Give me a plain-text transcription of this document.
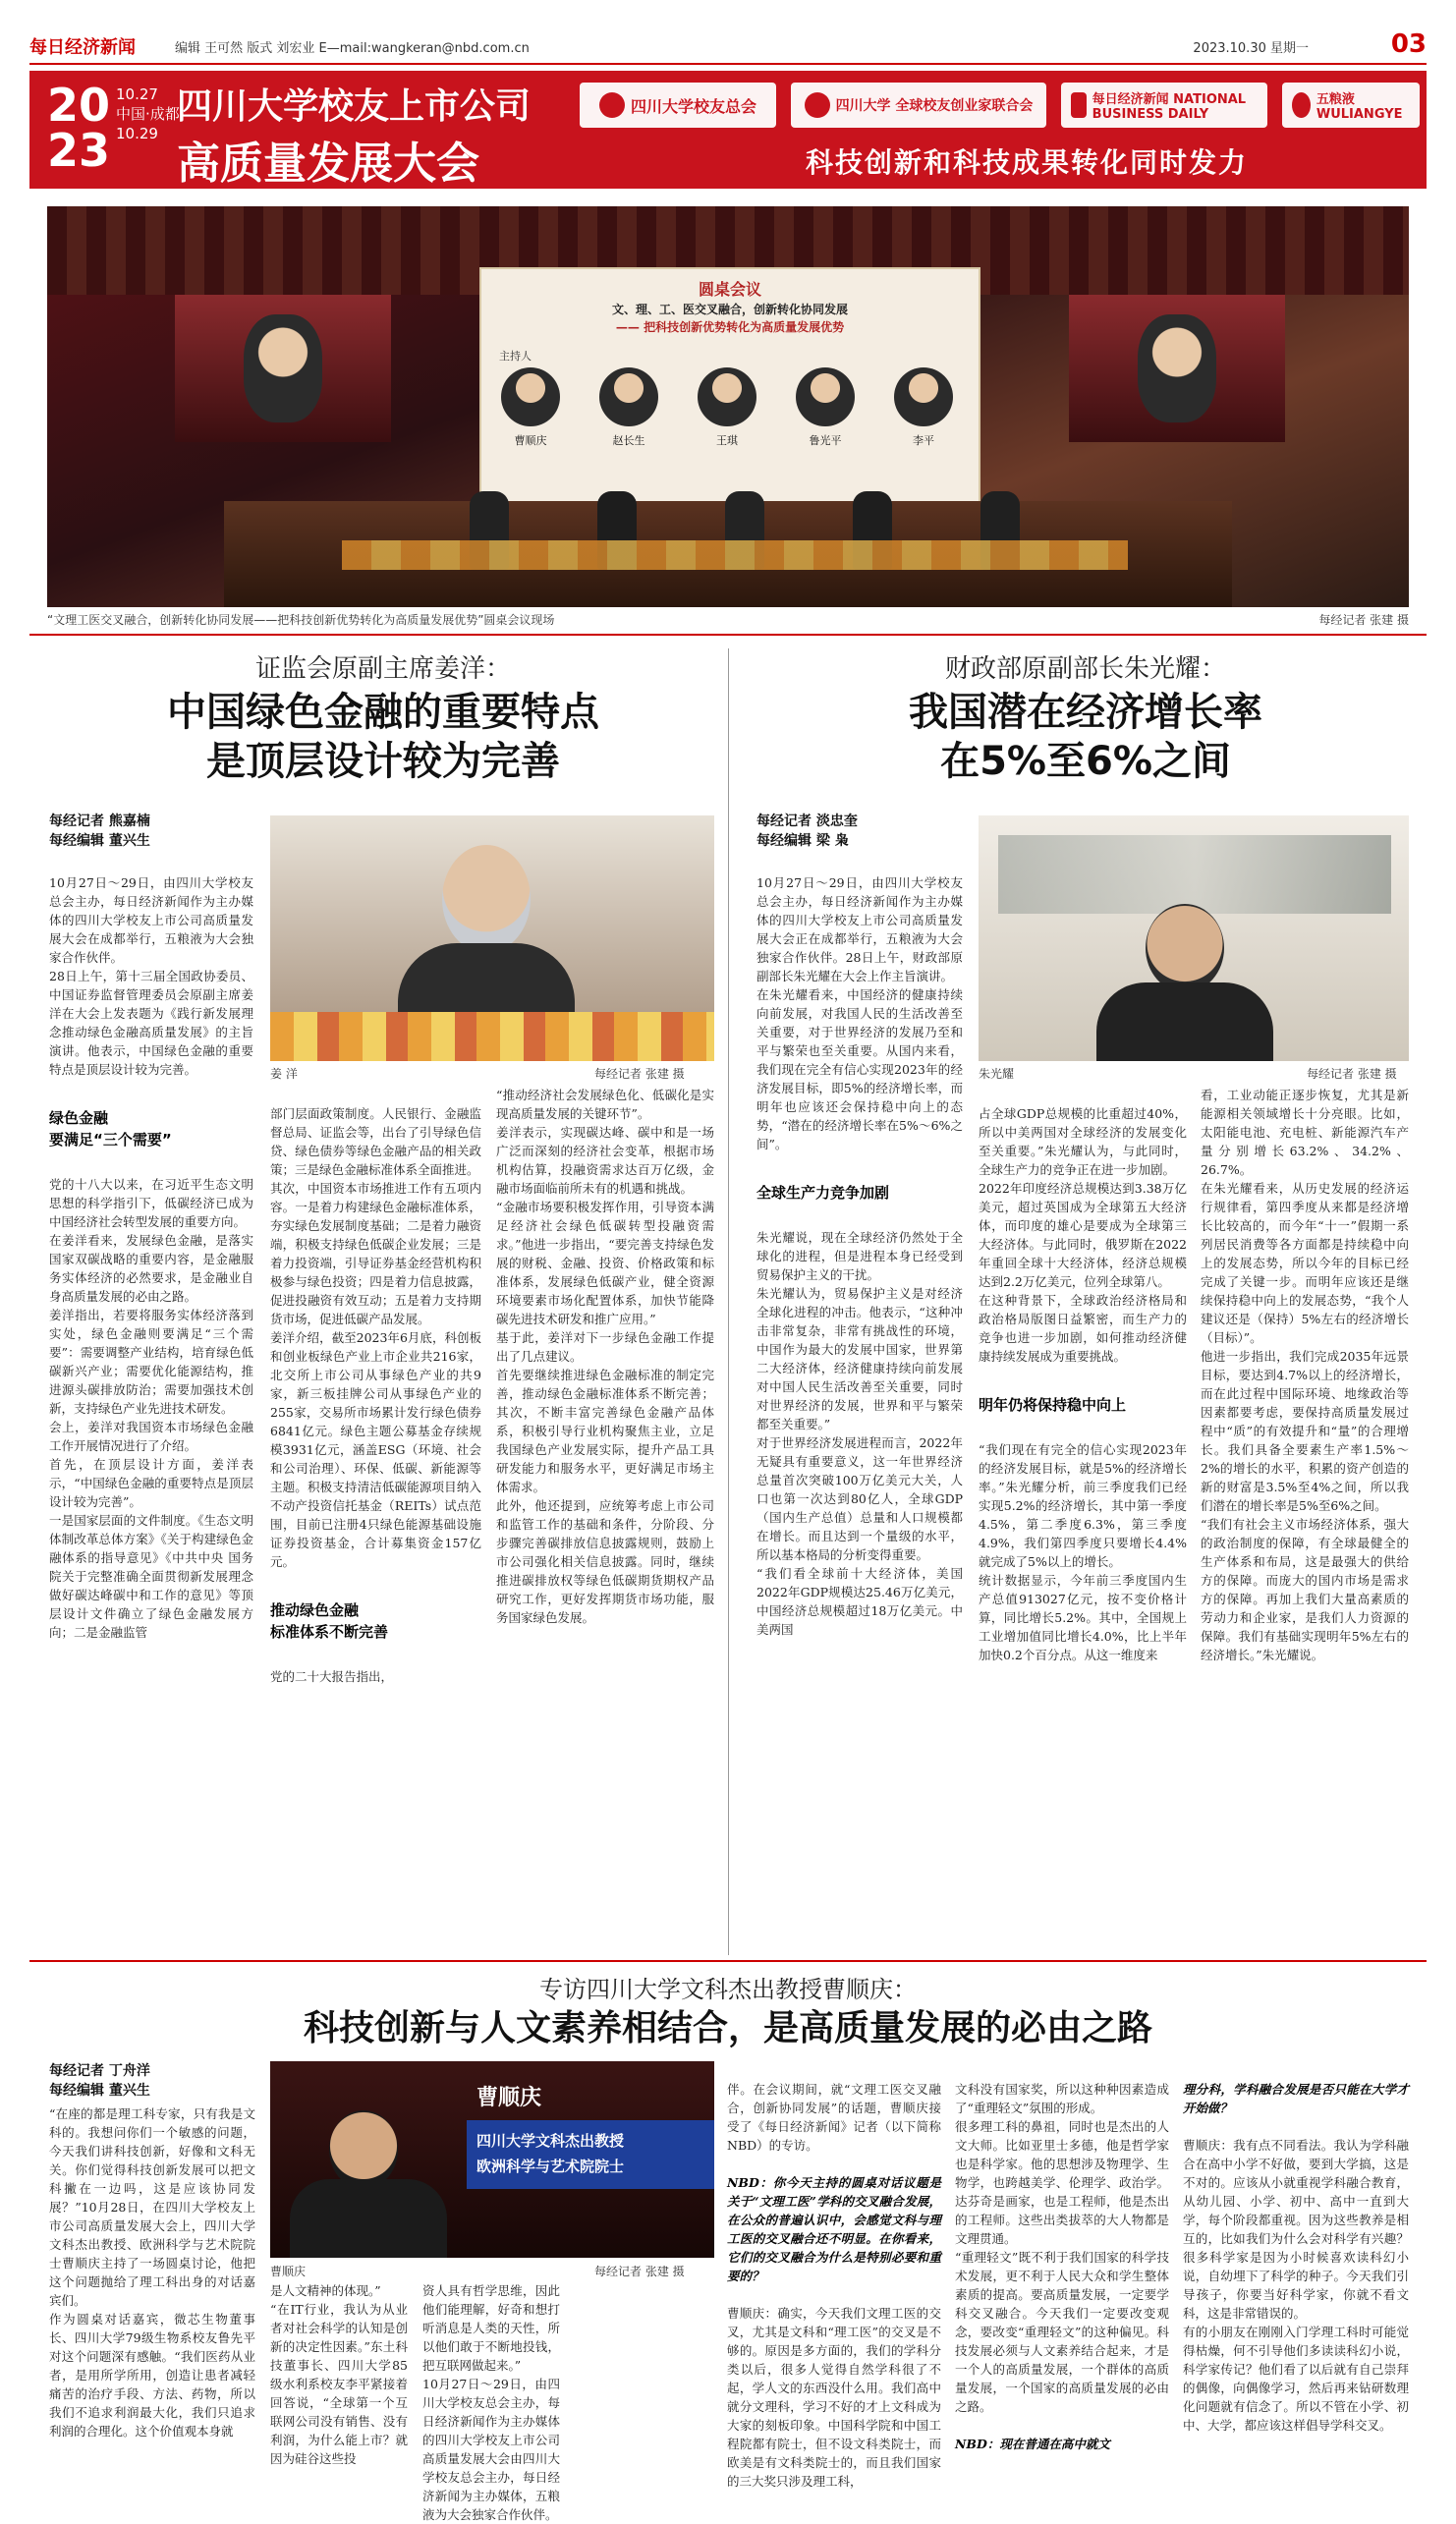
每日经济新闻	编辑 王可然 版式 刘宏业 E—mail:wangkeran@nbd.com.cn	2023.10.30 星期一	03
20
23
10.27
中国·成都
10.29
四川大学校友上市公司
高质量发展大会
四川大学校友总会	四川大学 全球校友创业家联合会	每日经济新闻 NATIONAL BUSINESS DAILY
五粮液 WULIANGYE
科技创新和科技成果转化同时发力
圆桌会议
文、理、工、医交叉融合，创新转化协同发展
—— 把科技创新优势转化为高质量发展优势
主持人
曹顺庆	赵长生	王琪	鲁光平	李平
“文理工医交叉融合，创新转化协同发展——把科技创新优势转化为高质量发展优势”圆桌会议现场	每经记者 张建 摄
证监会原副主席姜洋：
中国绿色金融的重要特点
是顶层设计较为完善
每经记者 熊嘉楠
每经编辑 董兴生

10月27日～29日，由四川大学校友总会主办，每日经济新闻作为主办媒体的四川大学校友上市公司高质量发展大会在成都举行，五粮液为大会独家合作伙伴。
28日上午，第十三届全国政协委员、中国证券监督管理委员会原副主席姜洋在大会上发表题为《践行新发展理念推动绿色金融高质量发展》的主旨演讲。他表示，中国绿色金融的重要特点是顶层设计较为完善。

绿色金融
要满足“三个需要”

党的十八大以来，在习近平生态文明思想的科学指引下，低碳经济已成为中国经济社会转型发展的重要方向。
在姜洋看来，发展绿色金融，是落实国家双碳战略的重要内容，是金融服务实体经济的必然要求，是金融业自身高质量发展的必由之路。
姜洋指出，若要将服务实体经济落到实处，绿色金融则要满足“三个需要”：需要调整产业结构，培育绿色低碳新兴产业；需要优化能源结构，推进源头碳排放防治；需要加强技术创新，支持绿色产业先进技术研发。
会上，姜洋对我国资本市场绿色金融工作开展情况进行了介绍。
首先，在顶层设计方面，姜洋表示，“中国绿色金融的重要特点是顶层设计较为完善”。
一是国家层面的文件制度。《生态文明体制改革总体方案》《关于构建绿色金融体系的指导意见》《中共中央 国务院关于完整准确全面贯彻新发展理念 做好碳达峰碳中和工作的意见》等顶层设计文件确立了绿色金融发展方向；二是金融监管

姜 洋	每经记者 张建 摄

部门层面政策制度。人民银行、金融监督总局、证监会等，出台了引导绿色信贷、绿色债券等绿色金融产品的相关政策；三是绿色金融标准体系全面推进。
其次，中国资本市场推进工作有五项内容。一是着力构建绿色金融标准体系，夯实绿色发展制度基础；二是着力融资端，积极支持绿色低碳企业发展；三是着力投资端，引导证券基金经营机构积极参与绿色投资；四是着力信息披露，促进投融资有效互动；五是着力支持期货市场，促进低碳产品发展。
姜洋介绍，截至2023年6月底，科创板和创业板绿色产业上市企业共216家，北交所上市公司从事绿色产业的共9家，新三板挂牌公司从事绿色产业的255家，交易所市场累计发行绿色债券6841亿元。绿色主题公募基金存续规模3931亿元，涵盖ESG（环境、社会和公司治理）、环保、低碳、新能源等主题。积极支持清洁低碳能源项目纳入不动产投资信托基金（REITs）试点范围，目前已注册4只绿色能源基础设施证券投资基金，合计募集资金157亿元。

推动绿色金融
标准体系不断完善

党的二十大报告指出，

“推动经济社会发展绿色化、低碳化是实现高质量发展的关键环节”。
姜洋表示，实现碳达峰、碳中和是一场广泛而深刻的经济社会变革，根据市场机构估算，投融资需求达百万亿级，金融市场面临前所未有的机遇和挑战。
“金融市场要积极发挥作用，引导资本满足经济社会绿色低碳转型投融资需求。”他进一步指出，“要完善支持绿色发展的财税、金融、投资、价格政策和标准体系，发展绿色低碳产业，健全资源环境要素市场化配置体系，加快节能降碳先进技术研发和推广应用。”
基于此，姜洋对下一步绿色金融工作提出了几点建议。
首先要继续推进绿色金融标准的制定完善，推动绿色金融标准体系不断完善；其次，不断丰富完善绿色金融产品体系，积极引导行业机构聚焦主业，立足我国绿色产业发展实际，提升产品工具研发能力和服务水平，更好满足市场主体需求。
此外，他还提到，应统筹考虑上市公司和监管工作的基础和条件，分阶段、分步骤完善碳排放信息披露规则，鼓励上市公司强化相关信息披露。同时，继续推进碳排放权等绿色低碳期货期权产品研究工作，更好发挥期货市场功能，服务国家绿色发展。
财政部原副部长朱光耀：
我国潜在经济增长率
在5%至6%之间
每经记者 淡忠奎
每经编辑 梁 枭

10月27日～29日，由四川大学校友总会主办，每日经济新闻作为主办媒体的四川大学校友上市公司高质量发展大会正在成都举行，五粮液为大会独家合作伙伴。28日上午，财政部原副部长朱光耀在大会上作主旨演讲。
在朱光耀看来，中国经济的健康持续向前发展，对我国人民的生活改善至关重要，对于世界经济的发展乃至和平与繁荣也至关重要。从国内来看，我们现在完全有信心实现2023年的经济发展目标，即5%的经济增长率，而明年也应该还会保持稳中向上的态势，“潜在的经济增长率在5%～6%之间”。

全球生产力竞争加剧

朱光耀说，现在全球经济仍然处于全球化的进程，但是进程本身已经受到贸易保护主义的干扰。
朱光耀认为，贸易保护主义是对经济全球化进程的冲击。他表示，“这种冲击非常复杂，非常有挑战性的环境，中国作为最大的发展中国家，世界第二大经济体，经济健康持续向前发展对中国人民生活改善至关重要，同时对世界经济的发展，世界和平与繁荣都至关重要。”
对于世界经济发展进程而言，2022年无疑具有重要意义，这一年世界经济总量首次突破100万亿美元大关，人口也第一次达到80亿人，全球GDP（国内生产总值）总量和人口规模都在增长。而且达到一个量级的水平，所以基本格局的分析变得重要。
“我们看全球前十大经济体，美国2022年GDP规模达25.46万亿美元，中国经济总规模超过18万亿美元。中美两国

朱光耀	每经记者 张建 摄

占全球GDP总规模的比重超过40%，所以中美两国对全球经济的发展变化至关重要。”朱光耀认为，与此同时，全球生产力的竞争正在进一步加剧。
2022年印度经济总规模达到3.38万亿美元，超过英国成为全球第五大经济体，而印度的雄心是要成为全球第三大经济体。与此同时，俄罗斯在2022年重回全球十大经济体，经济总规模达到2.2万亿美元，位列全球第八。
在这种背景下，全球政治经济格局和政治格局版图日益繁密，而生产力的竞争也进一步加剧，如何推动经济健康持续发展成为重要挑战。

明年仍将保持稳中向上

“我们现在有完全的信心实现2023年的经济发展目标，就是5%的经济增长率。”朱光耀分析，前三季度我们已经实现5.2%的经济增长，其中第一季度4.5%，第二季度6.3%，第三季度4.9%，我们第四季度只要增长4.4%就完成了5%以上的增长。
统计数据显示，今年前三季度国内生产总值913027亿元，按不变价格计算，同比增长5.2%。其中，全国规上工业增加值同比增长4.0%，比上半年加快0.2个百分点。从这一维度来

看，工业动能正逐步恢复，尤其是新能源相关领域增长十分亮眼。比如，太阳能电池、充电桩、新能源汽车产量分别增长63.2%、34.2%、26.7%。
在朱光耀看来，从历史发展的经济运行规律看，第四季度从来都是经济增长比较高的，而今年“十一”假期一系列居民消费等各方面都是持续稳中向上的发展态势，所以今年的目标已经完成了关键一步。而明年应该还是继续保持稳中向上的发展态势，“我个人建议还是（保持）5%左右的经济增长（目标）”。
他进一步指出，我们完成2035年远景目标，要达到4.7%以上的经济增长，而在此过程中国际环境、地缘政治等因素都要考虑，要保持高质量发展过程中“质”的有效提升和“量”的合理增长。我们具备全要素生产率1.5%～2%的增长的水平，积累的资产创造的新的财富是3.5%至4%之间，所以我们潜在的增长率是5%至6%之间。
“我们有社会主义市场经济体系，强大的政治制度的保障，有全球最健全的生产体系和布局，这是最强大的供给方的保障。而庞大的国内市场是需求方的保障。再加上我们大量高素质的劳动力和企业家，是我们人力资源的保障。我们有基础实现明年5%左右的经济增长。”朱光耀说。
专访四川大学文科杰出教授曹顺庆：
科技创新与人文素养相结合，是高质量发展的必由之路
每经记者 丁舟洋
每经编辑 董兴生
“在座的都是理工科专家，只有我是文科的。我想问你们一个敏感的问题，今天我们讲科技创新，好像和文科无关。你们觉得科技创新发展可以把文科撇在一边吗，这是应该协同发展？”10月28日，在四川大学校友上市公司高质量发展大会上，四川大学文科杰出教授、欧洲科学与艺术院院士曹顺庆主持了一场圆桌讨论，他把这个问题抛给了理工科出身的对话嘉宾们。
作为圆桌对话嘉宾，微芯生物董事长、四川大学79级生物系校友鲁先平对这个问题深有感触。“我们医药从业者，是用所学所用，创造让患者减轻痛苦的治疗手段、方法、药物，所以我们不追求利润最大化，我们只追求利润的合理化。这个价值观本身就
曹顺庆
四川大学文科杰出教授
欧洲科学与艺术院院士
曹顺庆	每经记者 张建 摄
是人文精神的体现。”
“在IT行业，我认为从业者对社会科学的认知是创新的决定性因素。”东土科技董事长、四川大学85级水利系校友李平紧接着回答说，“全球第一个互联网公司没有销售、没有利润，为什么能上市？就因为硅谷这些投
资人具有哲学思维，因此他们能理解，好奇和想打听消息是人类的天性，所以他们敢于不断地投钱，把互联网做起来。”
10月27日～29日，由四川大学校友总会主办，每日经济新闻作为主办媒体的四川大学校友上市公司高质量发展大会由四川大学校友总会主办，每日经济新闻为主办媒体，五粮液为大会独家合作伙伴。

伴。在会议期间，就“文理工医交叉融合，创新协同发展”的话题，曹顺庆接受了《每日经济新闻》记者（以下简称NBD）的专访。

NBD：你今天主持的圆桌对话议题是关于“文理工医”学科的交叉融合发展，在公众的普遍认识中，会感觉文科与理工医的交叉融合还不明显。在你看来，它们的交叉融合为什么是特别必要和重要的？

曹顺庆：确实，今天我们文理工医的交叉，尤其是文科和“理工医”的交叉是不够的。原因是多方面的，我们的学科分类以后，很多人觉得自然学科很了不起，学人文的东西没什么用。我们高中就分文理科，学习不好的才上文科成为大家的刻板印象。中国科学院和中国工程院都有院士，但不设文科类院士，而欧美是有文科类院士的，而且我们国家的三大奖只涉及理工科，

文科没有国家奖，所以这种种因素造成了“重理轻文”氛围的形成。
很多理工科的鼻祖，同时也是杰出的人文大师。比如亚里士多德，他是哲学家也是科学家。他的思想涉及物理学、生物学，也跨越美学、伦理学、政治学。达芬奇是画家，也是工程师，他是杰出的工程师。这些出类拔萃的大人物都是文理贯通。
“重理轻文”既不利于我们国家的科学技术发展，更不利于人民大众和学生整体素质的提高。要高质量发展，一定要学科交叉融合。今天我们一定要改变观念，要改变“重理轻文”的这种偏见。科技发展必须与人文素养结合起来，才是一个人的高质量发展，一个群体的高质量发展，一个国家的高质量发展的必由之路。

NBD：现在普通在高中就文

理分科，学科融合发展是否只能在大学才开始做？

曹顺庆：我有点不同看法。我认为学科融合在高中小学不好做，要到大学搞，这是不对的。应该从小就重视学科融合教育，从幼儿园、小学、初中、高中一直到大学，每个阶段都重视。因为这些教养是相互的，比如我们为什么会对科学有兴趣？很多科学家是因为小时候喜欢读科幻小说，自幼埋下了科学的种子。今天我们引导孩子，你要当好科学家，你就不看文科，这是非常错误的。
有的小朋友在刚刚入门学理工科时可能觉得枯燥，何不引导他们多读读科幻小说，科学家传记？他们看了以后就有自己崇拜的偶像，向偶像学习，然后再来钻研数理化问题就有信念了。所以不管在小学、初中、大学，都应该这样倡导学科交叉。
